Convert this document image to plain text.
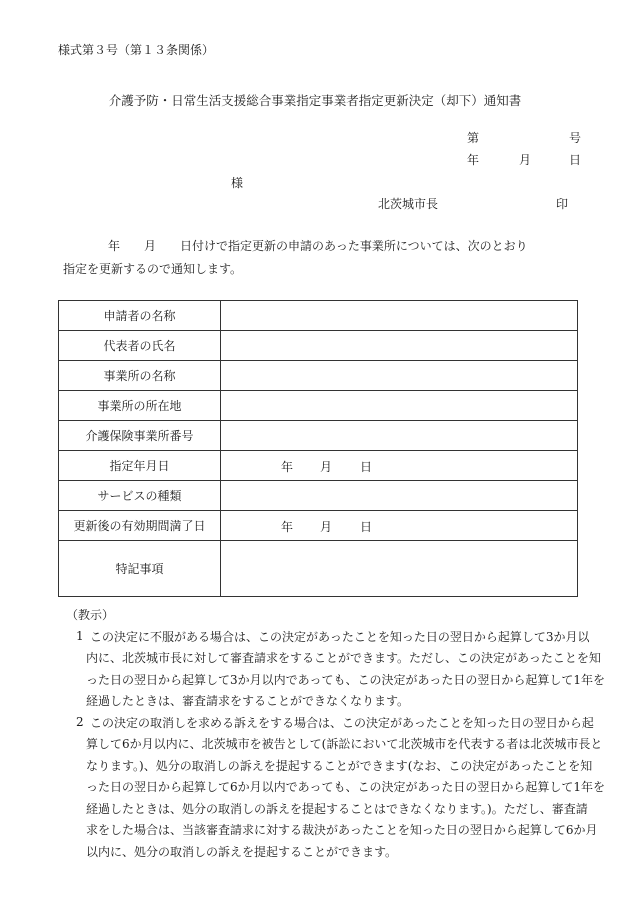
様式第３号（第１３条関係）
介護予防・日常生活支援総合事業指定事業者指定更新決定（却下）通知書
第	号
年	月	日
様
北茨城市長	印
年　　月　　日付けで指定更新の申請のあった事業所については、次のとおり
指定を更新するので通知します。
申請者の名称	
代表者の氏名	
事業所の名称	
事業所の所在地	
介護保険事業所番号	
指定年月日	年 月 日

サービスの種類	
更新後の有効期間満了日	年 月 日

特記事項	
（教示）
1 この決定に不服がある場合は、この決定があったことを知った日の翌日から起算して3か月以
内に、北茨城市長に対して審査請求をすることができます。ただし、この決定があったことを知
った日の翌日から起算して3か月以内であっても、この決定があった日の翌日から起算して1年を
経過したときは、審査請求をすることができなくなります。
2 この決定の取消しを求める訴えをする場合は、この決定があったことを知った日の翌日から起
算して6か月以内に、北茨城市を被告として(訴訟において北茨城市を代表する者は北茨城市長と
なります。)、処分の取消しの訴えを提起することができます(なお、この決定があったことを知
った日の翌日から起算して6か月以内であっても、この決定があった日の翌日から起算して1年を
経過したときは、処分の取消しの訴えを提起することはできなくなります。)。ただし、審査請
求をした場合は、当該審査請求に対する裁決があったことを知った日の翌日から起算して6か月
以内に、処分の取消しの訴えを提起することができます。
